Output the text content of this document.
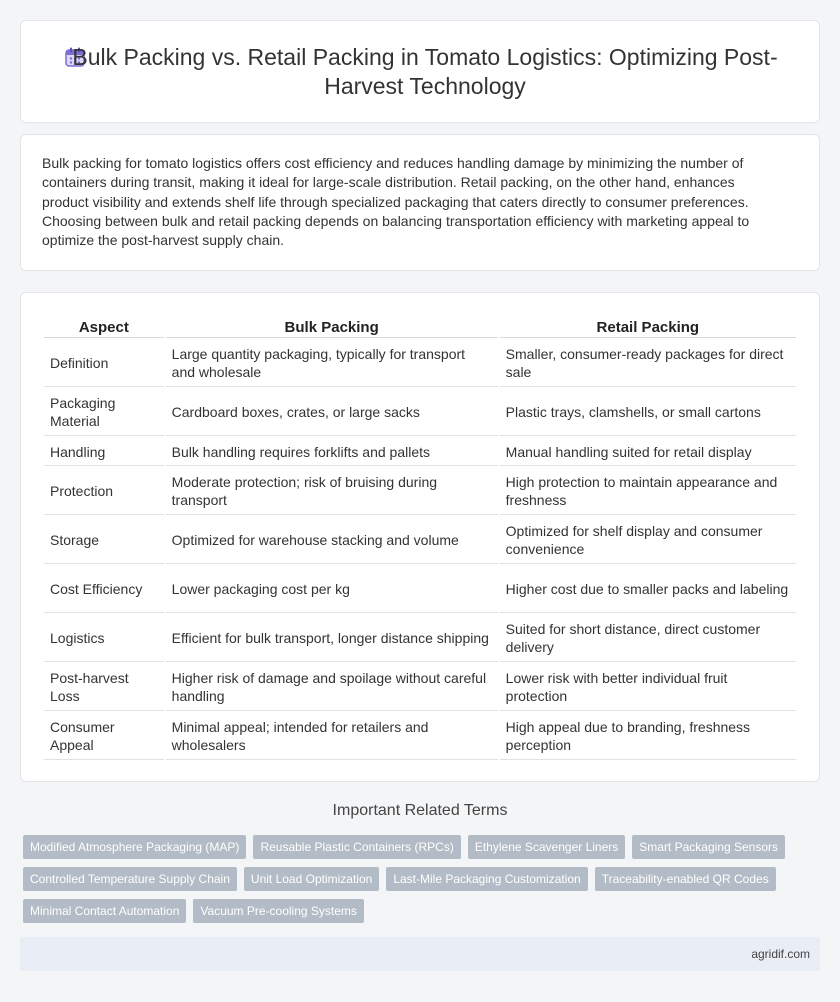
Bulk Packing vs. Retail Packing in Tomato Logistics: Optimizing Post-Harvest Technology

Bulk packing for tomato logistics offers cost efficiency and reduces handling damage by minimizing the number of containers during transit, making it ideal for large-scale distribution. Retail packing, on the other hand, enhances product visibility and extends shelf life through specialized packaging that caters directly to consumer preferences. Choosing between bulk and retail packing depends on balancing transportation efficiency with marketing appeal to optimize the post-harvest supply chain.

Aspect	Bulk Packing	Retail Packing
Definition	Large quantity packaging, typically for transport and wholesale	Smaller, consumer-ready packages for direct sale
Packaging Material	Cardboard boxes, crates, or large sacks	Plastic trays, clamshells, or small cartons
Handling	Bulk handling requires forklifts and pallets	Manual handling suited for retail display
Protection	Moderate protection; risk of bruising during transport	High protection to maintain appearance and freshness
Storage	Optimized for warehouse stacking and volume	Optimized for shelf display and consumer convenience
Cost Efficiency	Lower packaging cost per kg	Higher cost due to smaller packs and labeling
Logistics	Efficient for bulk transport, longer distance shipping	Suited for short distance, direct customer delivery
Post-harvest Loss	Higher risk of damage and spoilage without careful handling	Lower risk with better individual fruit protection
Consumer Appeal	Minimal appeal; intended for retailers and wholesalers	High appeal due to branding, freshness perception
Important Related Terms
Modified Atmosphere Packaging (MAP)	Reusable Plastic Containers (RPCs)	Ethylene Scavenger Liners	Smart Packaging Sensors
Controlled Temperature Supply Chain	Unit Load Optimization	Last-Mile Packaging Customization	Traceability-enabled QR Codes
Minimal Contact Automation	Vacuum Pre-cooling Systems
agridif.com
